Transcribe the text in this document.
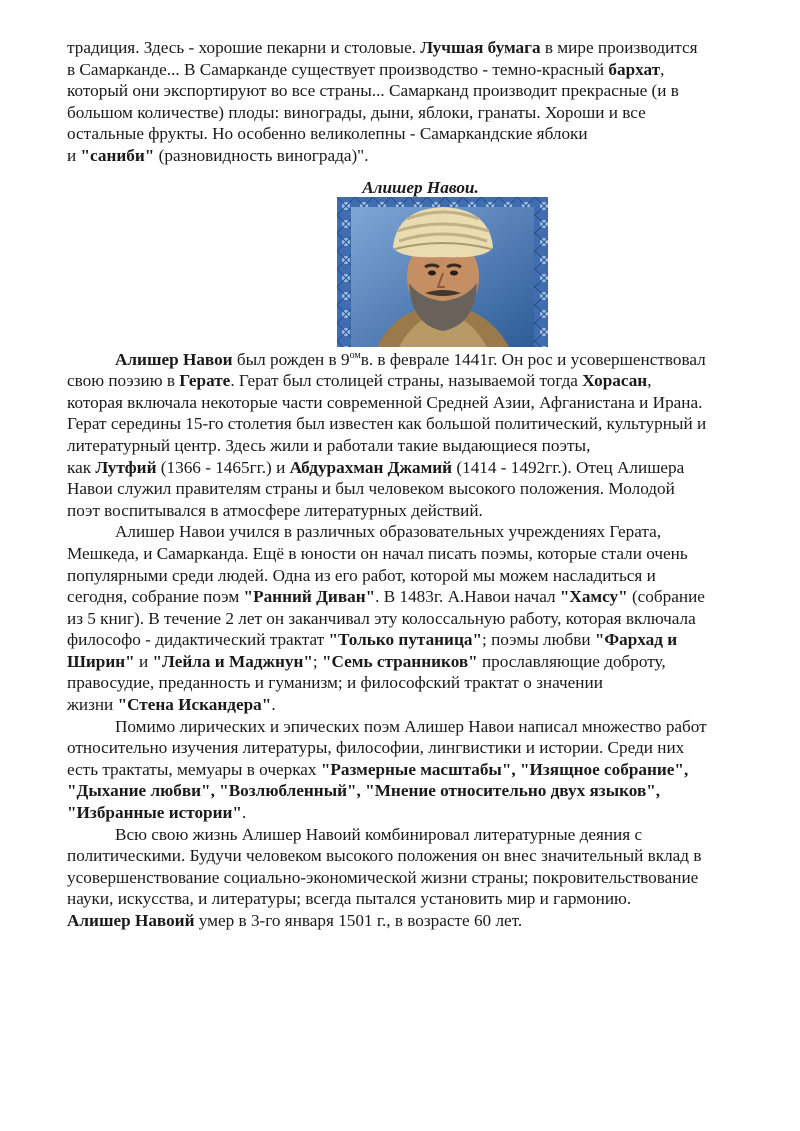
традиция. Здесь - хорошие пекарни и столовые. Лучшая бумага в мире производится
в Самарканде... В Самарканде существует производство - темно-красный бархат,
который они экспортируют во все страны... Самарканд производит прекрасные (и в
большом количестве) плоды: винограды, дыни, яблоки, гранаты. Хороши и все
остальные фрукты. Но особенно великолепны - Самаркандские яблоки
и "саниби" (разновидность винограда)".
Алишер Навои.
Алишер Навои был рожден в $9^{ом}в$. в феврале 1441г. Он рос и усовершенствовал
свою поэзию в Герате. Герат был столицей страны, называемой тогда Хорасан,
которая включала некоторые части современной Средней Азии, Афганистана и Ирана.
Герат середины 15-го столетия был известен как большой политический, культурный и
литературный центр. Здесь жили и работали такие выдающиеся поэты,
как Лутфий (1366 - 1465гг.) и Абдурахман Джамий (1414 - 1492гг.). Отец Алишера
Навои служил правителям страны и был человеком высокого положения. Молодой
поэт воспитывался в атмосфере литературных действий.
Алишер Навои учился в различных образовательных учреждениях Герата,
Мешкеда, и Самарканда. Ещё в юности он начал писать поэмы, которые стали очень
популярными среди людей. Одна из его работ, которой мы можем насладиться и
сегодня, собрание поэм "Ранний Диван". В 1483г. А.Навои начал "Хамсу" (собрание
из 5 книг). В течение 2 лет он заканчивал эту колоссальную работу, которая включала
философо - дидактический трактат "Только путаница"; поэмы любви "Фархад и
Ширин" и "Лейла и Маджнун"; "Семь странников" прославляющие доброту,
правосудие, преданность и гуманизм; и философский трактат о значении
жизни "Стена Искандера".
Помимо лирических и эпических поэм Алишер Навои написал множество работ
относительно изучения литературы, философии, лингвистики и истории. Среди них
есть трактаты, мемуары в очерках "Размерные масштабы", "Изящное собрание",
"Дыхание любви", "Возлюбленный", "Мнение относительно двух языков",
"Избранные истории".
Всю свою жизнь Алишер Навоий комбинировал литературные деяния с
политическими. Будучи человеком высокого положения он внес значительный вклад в
усовершенствование социально-экономической жизни страны; покровительствование
науки, искусства, и литературы; всегда пытался установить мир и гармонию.
Алишер Навоий умер в 3-го января 1501 г., в возрасте 60 лет.
